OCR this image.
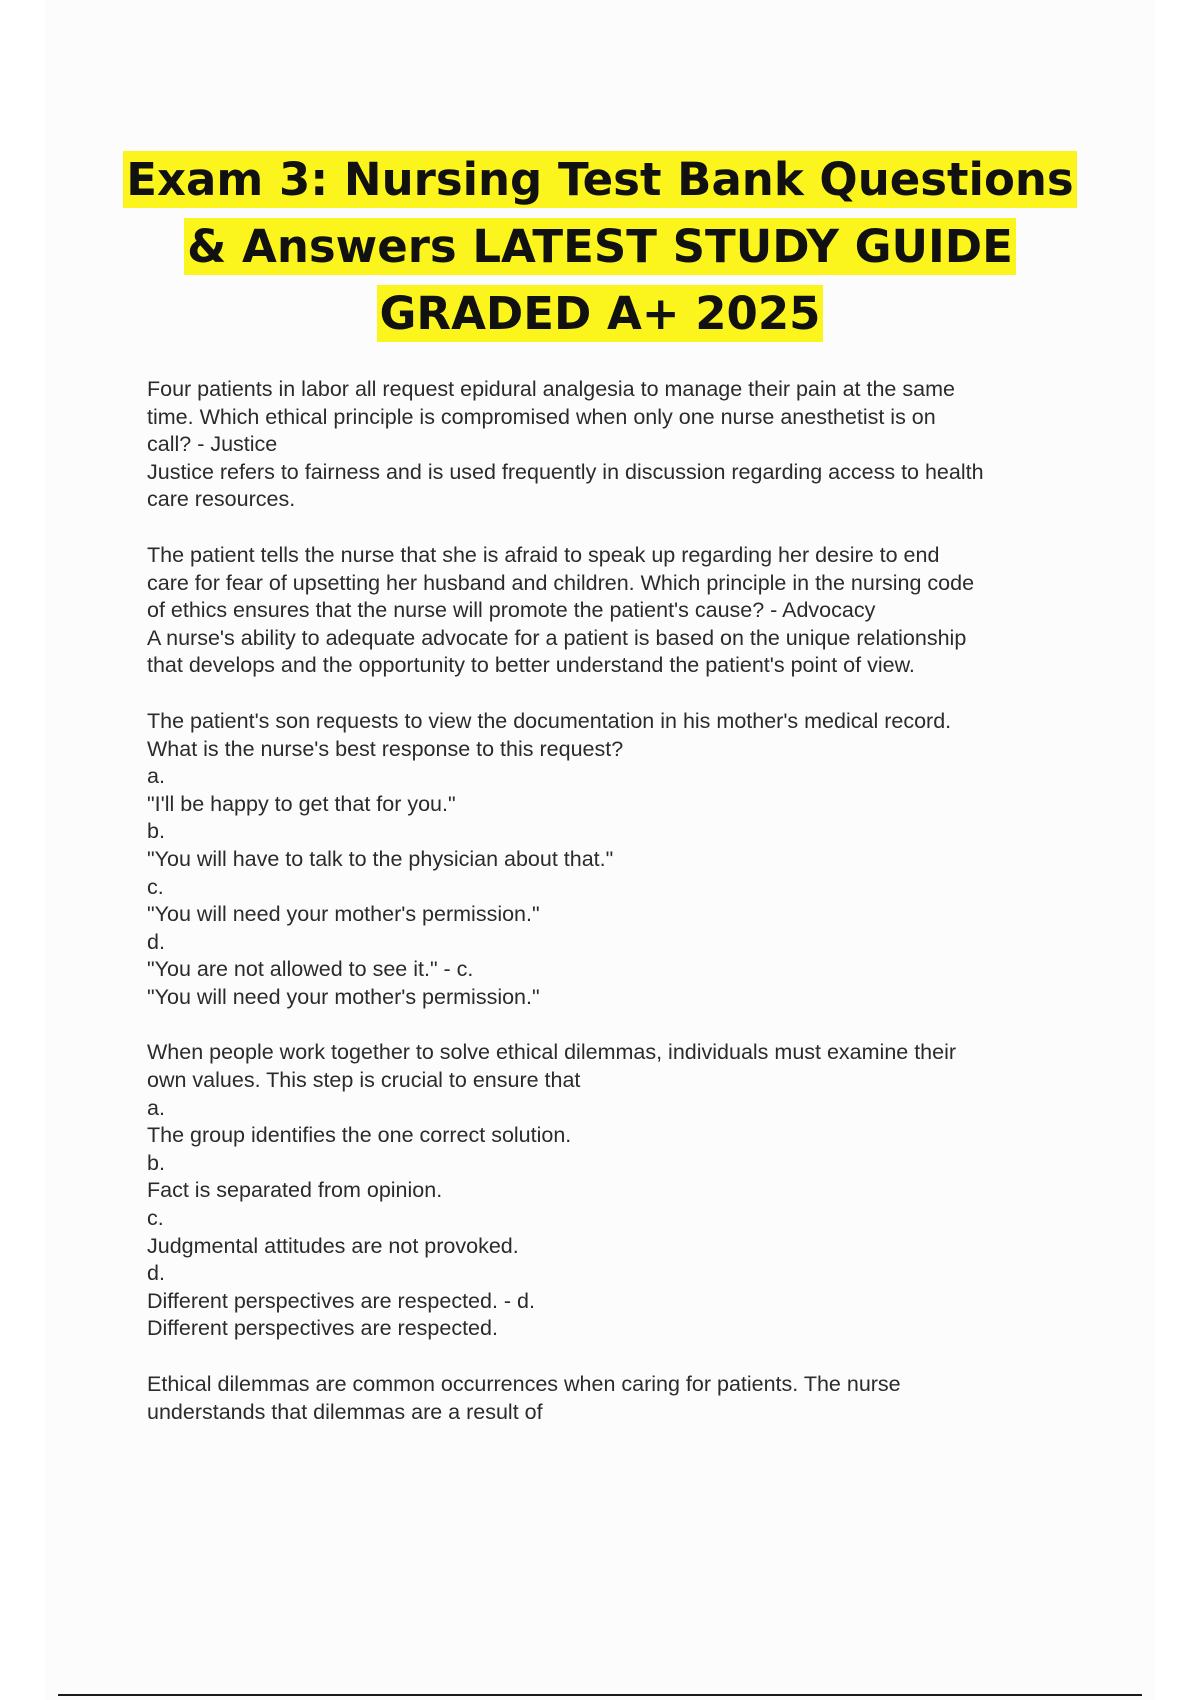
Exam 3: Nursing Test Bank Questions
& Answers LATEST STUDY GUIDE
GRADED A+ 2025
Four patients in labor all request epidural analgesia to manage their pain at the same
time. Which ethical principle is compromised when only one nurse anesthetist is on
call? - Justice
Justice refers to fairness and is used frequently in discussion regarding access to health
care resources.
The patient tells the nurse that she is afraid to speak up regarding her desire to end
care for fear of upsetting her husband and children. Which principle in the nursing code
of ethics ensures that the nurse will promote the patient's cause? - Advocacy
A nurse's ability to adequate advocate for a patient is based on the unique relationship
that develops and the opportunity to better understand the patient's point of view.
The patient's son requests to view the documentation in his mother's medical record.
What is the nurse's best response to this request?
a.
"I'll be happy to get that for you."
b.
"You will have to talk to the physician about that."
c.
"You will need your mother's permission."
d.
"You are not allowed to see it." - c.
"You will need your mother's permission."
When people work together to solve ethical dilemmas, individuals must examine their
own values. This step is crucial to ensure that
a.
The group identifies the one correct solution.
b.
Fact is separated from opinion.
c.
Judgmental attitudes are not provoked.
d.
Different perspectives are respected. - d.
Different perspectives are respected.
Ethical dilemmas are common occurrences when caring for patients. The nurse
understands that dilemmas are a result of
